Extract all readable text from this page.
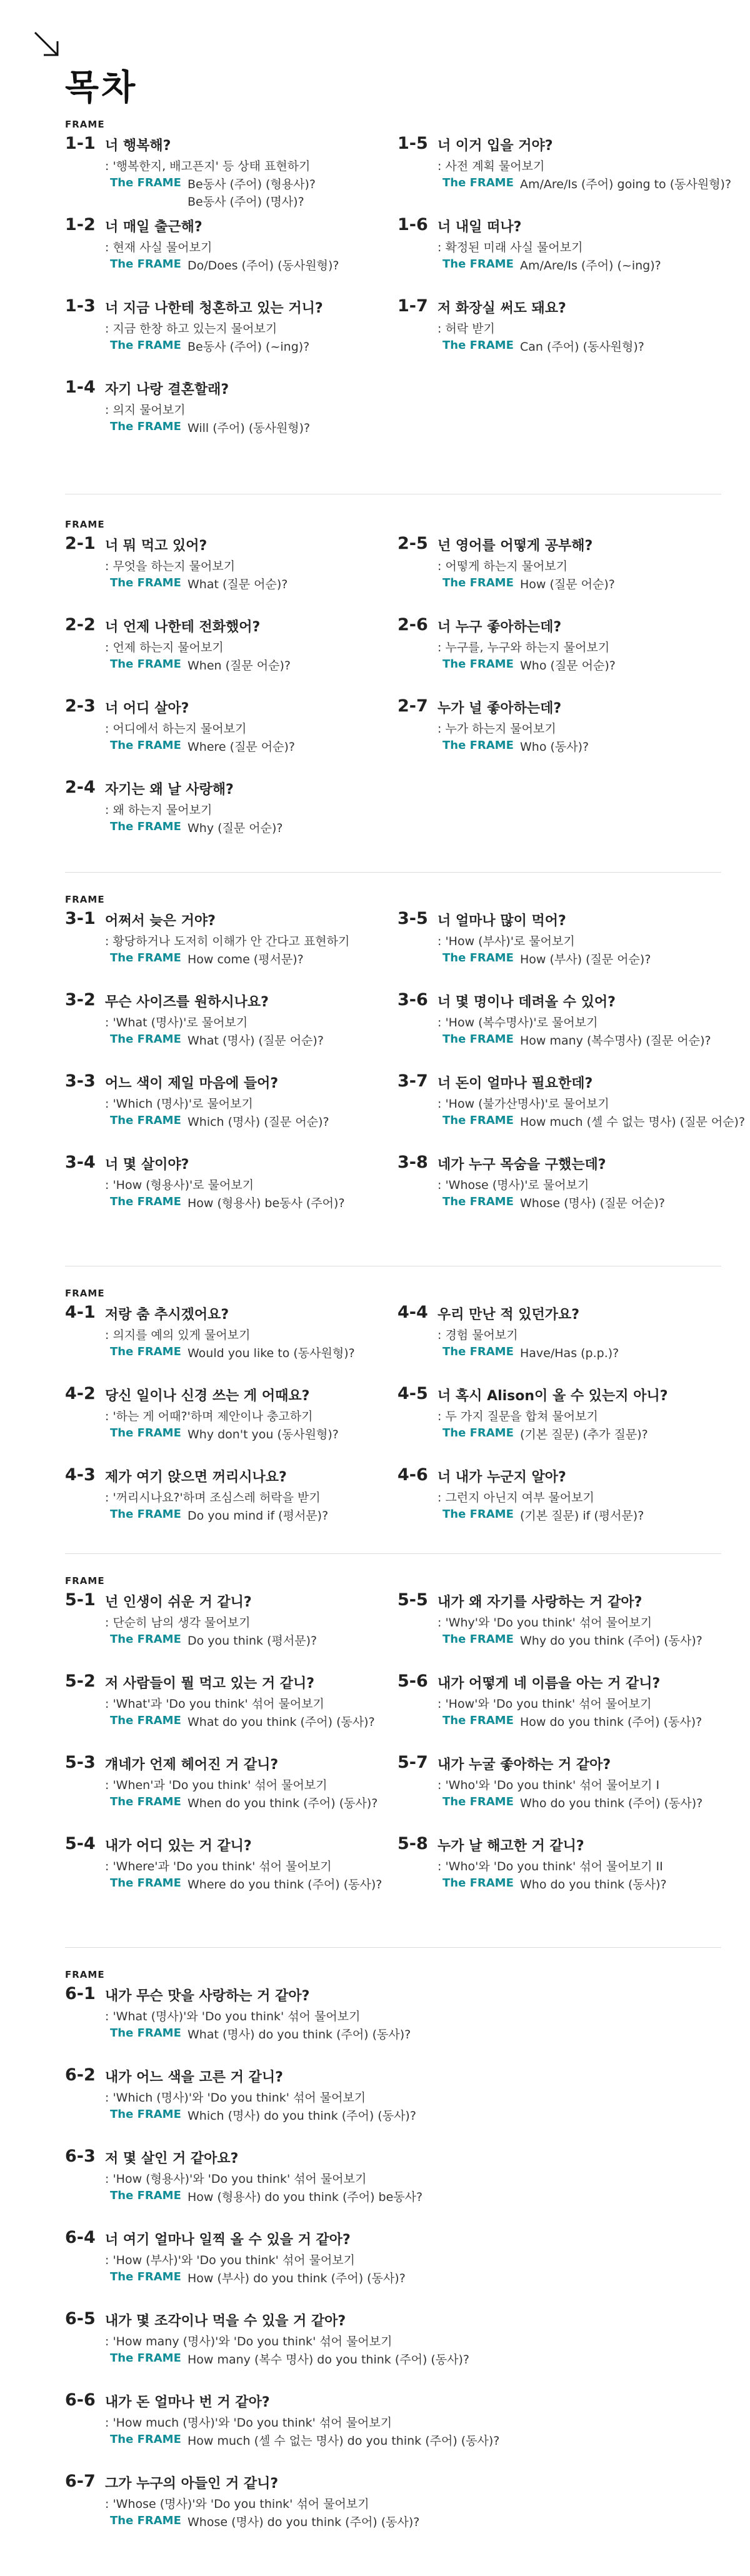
목차
FRAME
1-1 너 행복해?
: '행복한지, 배고픈지' 등 상태 표현하기
The FRAME Be동사 (주어) (형용사)?
Be동사 (주어) (명사)?
1-5 너 이거 입을 거야?
: 사전 계획 물어보기
The FRAME Am/Are/Is (주어) going to (동사원형)?
1-2 너 매일 출근해?
: 현재 사실 물어보기
The FRAME Do/Does (주어) (동사원형)?
1-6 너 내일 떠나?
: 확정된 미래 사실 물어보기
The FRAME Am/Are/Is (주어) (~ing)?
1-3 너 지금 나한테 청혼하고 있는 거니?
: 지금 한창 하고 있는지 물어보기
The FRAME Be동사 (주어) (~ing)?
1-7 저 화장실 써도 돼요?
: 허락 받기
The FRAME Can (주어) (동사원형)?
1-4 자기 나랑 결혼할래?
: 의지 물어보기
The FRAME Will (주어) (동사원형)?
FRAME
2-1 너 뭐 먹고 있어?
: 무엇을 하는지 물어보기
The FRAME What (질문 어순)?
2-5 넌 영어를 어떻게 공부해?
: 어떻게 하는지 물어보기
The FRAME How (질문 어순)?
2-2 너 언제 나한테 전화했어?
: 언제 하는지 물어보기
The FRAME When (질문 어순)?
2-6 너 누구 좋아하는데?
: 누구를, 누구와 하는지 물어보기
The FRAME Who (질문 어순)?
2-3 너 어디 살아?
: 어디에서 하는지 물어보기
The FRAME Where (질문 어순)?
2-7 누가 널 좋아하는데?
: 누가 하는지 물어보기
The FRAME Who (동사)?
2-4 자기는 왜 날 사랑해?
: 왜 하는지 물어보기
The FRAME Why (질문 어순)?
FRAME
3-1 어쩌서 늦은 거야?
: 황당하거나 도저히 이해가 안 간다고 표현하기
The FRAME How come (평서문)?
3-5 너 얼마나 많이 먹어?
: 'How (부사)'로 물어보기
The FRAME How (부사) (질문 어순)?
3-2 무슨 사이즈를 원하시나요?
: 'What (명사)'로 물어보기
The FRAME What (명사) (질문 어순)?
3-6 너 몇 명이나 데려올 수 있어?
: 'How (복수명사)'로 물어보기
The FRAME How many (복수명사) (질문 어순)?
3-3 어느 색이 제일 마음에 들어?
: 'Which (명사)'로 물어보기
The FRAME Which (명사) (질문 어순)?
3-7 너 돈이 얼마나 필요한데?
: 'How (불가산명사)'로 물어보기
The FRAME How much (셀 수 없는 명사) (질문 어순)?
3-4 너 몇 살이야?
: 'How (형용사)'로 물어보기
The FRAME How (형용사) be동사 (주어)?
3-8 네가 누구 목숨을 구했는데?
: 'Whose (명사)'로 물어보기
The FRAME Whose (명사) (질문 어순)?
FRAME
4-1 저랑 춤 추시겠어요?
: 의지를 예의 있게 물어보기
The FRAME Would you like to (동사원형)?
4-4 우리 만난 적 있던가요?
: 경험 물어보기
The FRAME Have/Has (p.p.)?
4-2 당신 일이나 신경 쓰는 게 어때요?
: '하는 게 어때?'하며 제안이나 충고하기
The FRAME Why don't you (동사원형)?
4-5 너 혹시 Alison이 올 수 있는지 아니?
: 두 가지 질문을 합쳐 물어보기
The FRAME (기본 질문) (추가 질문)?
4-3 제가 여기 앉으면 꺼리시나요?
: '꺼리시나요?'하며 조심스레 허락을 받기
The FRAME Do you mind if (평서문)?
4-6 너 내가 누군지 알아?
: 그런지 아닌지 여부 물어보기
The FRAME (기본 질문) if (평서문)?
FRAME
5-1 넌 인생이 쉬운 거 같니?
: 단순히 남의 생각 물어보기
The FRAME Do you think (평서문)?
5-5 내가 왜 자기를 사랑하는 거 같아?
: 'Why'와 'Do you think' 섞어 물어보기
The FRAME Why do you think (주어) (동사)?
5-2 저 사람들이 뭘 먹고 있는 거 같니?
: 'What'과 'Do you think' 섞어 물어보기
The FRAME What do you think (주어) (동사)?
5-6 내가 어떻게 네 이름을 아는 거 같니?
: 'How'와 'Do you think' 섞어 물어보기
The FRAME How do you think (주어) (동사)?
5-3 걔네가 언제 헤어진 거 같니?
: 'When'과 'Do you think' 섞어 물어보기
The FRAME When do you think (주어) (동사)?
5-7 내가 누굴 좋아하는 거 같아?
: 'Who'와 'Do you think' 섞어 물어보기 I
The FRAME Who do you think (주어) (동사)?
5-4 내가 어디 있는 거 같니?
: 'Where'과 'Do you think' 섞어 물어보기
The FRAME Where do you think (주어) (동사)?
5-8 누가 날 해고한 거 같니?
: 'Who'와 'Do you think' 섞어 물어보기 II
The FRAME Who do you think (동사)?
FRAME
6-1 내가 무슨 맛을 사랑하는 거 같아?
: 'What (명사)'와 'Do you think' 섞어 물어보기
The FRAME What (명사) do you think (주어) (동사)?
6-2 내가 어느 색을 고른 거 같니?
: 'Which (명사)'와 'Do you think' 섞어 물어보기
The FRAME Which (명사) do you think (주어) (동사)?
6-3 저 몇 살인 거 같아요?
: 'How (형용사)'와 'Do you think' 섞어 물어보기
The FRAME How (형용사) do you think (주어) be동사?
6-4 너 여기 얼마나 일찍 올 수 있을 거 같아?
: 'How (부사)'와 'Do you think' 섞어 물어보기
The FRAME How (부사) do you think (주어) (동사)?
6-5 내가 몇 조각이나 먹을 수 있을 거 같아?
: 'How many (명사)'와 'Do you think' 섞어 물어보기
The FRAME How many (복수 명사) do you think (주어) (동사)?
6-6 내가 돈 얼마나 번 거 같아?
: 'How much (명사)'와 'Do you think' 섞어 물어보기
The FRAME How much (셀 수 없는 명사) do you think (주어) (동사)?
6-7 그가 누구의 아들인 거 같니?
: 'Whose (명사)'와 'Do you think' 섞어 물어보기
The FRAME Whose (명사) do you think (주어) (동사)?
